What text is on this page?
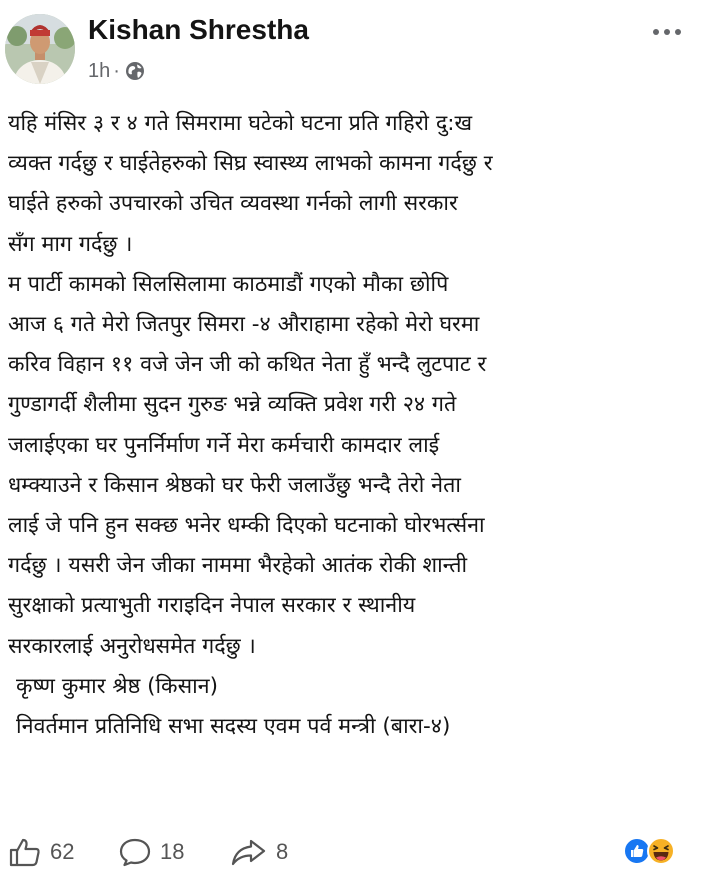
Kishan Shrestha
1h ·
यहि मंसिर ३ र ४ गते सिमरामा घटेको घटना प्रति गहिरो दु:ख
व्यक्त गर्दछु र घाईतेहरुको सिघ्र स्वास्थ्य लाभको कामना गर्दछु र
घाईते हरुको उपचारको उचित व्यवस्था गर्नको लागी सरकार
सँग माग गर्दछु ।
म पार्टी कामको सिलसिलामा काठमाडौं गएको मौका छोपि
आज ६ गते मेरो जितपुर सिमरा -४ औराहामा रहेको मेरो घरमा
करिव विहान ११ वजे जेन जी को कथित नेता हुँ भन्दै लुटपाट र
गुण्डागर्दी शैलीमा सुदन गुरुङ भन्ने व्यक्ति प्रवेश गरी २४ गते
जलाईएका घर पुनर्निर्माण गर्ने मेरा कर्मचारी कामदार लाई
धम्क्याउने र किसान श्रेष्ठको घर फेरी जलाउँछु भन्दै तेरो नेता
लाई जे पनि हुन सक्छ भनेर धम्की दिएको घटनाको घोरभर्त्सना
गर्दछु । यसरी जेन जीका नाममा भैरहेको आतंक रोकी शान्ती
सुरक्षाको प्रत्याभुती गराइदिन नेपाल सरकार र स्थानीय
सरकारलाई अनुरोधसमेत गर्दछु ।
कृष्ण कुमार श्रेष्ठ (किसान)
निवर्तमान प्रतिनिधि सभा सदस्य एवम पर्व मन्त्री (बारा-४)
62	18	8
